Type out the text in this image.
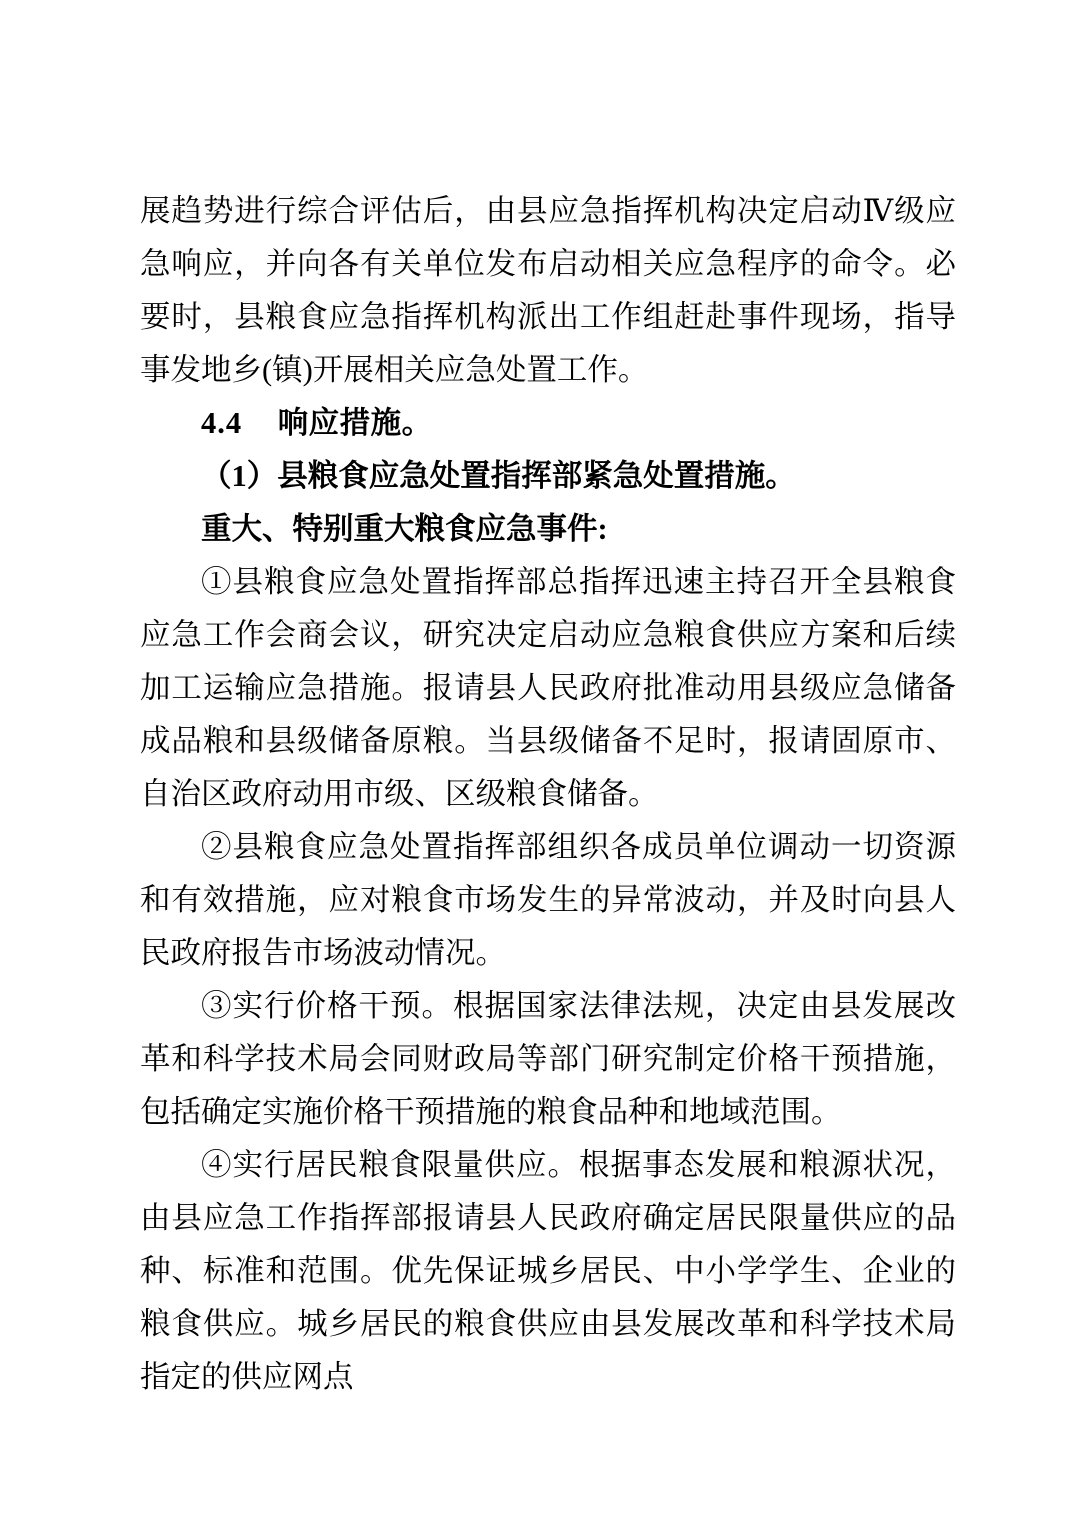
展趋势进行综合评估后，由县应急指挥机构决定启动Ⅳ级应急响应，并向各有关单位发布启动相关应急程序的命令。必要时，县粮食应急指挥机构派出工作组赶赴事件现场，指导事发地乡(镇)开展相关应急处置工作。

4.4 响应措施。

（1）县粮食应急处置指挥部紧急处置措施。

重大、特别重大粮食应急事件:

①县粮食应急处置指挥部总指挥迅速主持召开全县粮食应急工作会商会议，研究决定启动应急粮食供应方案和后续加工运输应急措施。报请县人民政府批准动用县级应急储备成品粮和县级储备原粮。当县级储备不足时，报请固原市、自治区政府动用市级、区级粮食储备。

②县粮食应急处置指挥部组织各成员单位调动一切资源和有效措施，应对粮食市场发生的异常波动，并及时向县人民政府报告市场波动情况。

③实行价格干预。根据国家法律法规，决定由县发展改革和科学技术局会同财政局等部门研究制定价格干预措施，包括确定实施价格干预措施的粮食品种和地域范围。

④实行居民粮食限量供应。根据事态发展和粮源状况，由县应急工作指挥部报请县人民政府确定居民限量供应的品种、标准和范围。优先保证城乡居民、中小学学生、企业的粮食供应。城乡居民的粮食供应由县发展改革和科学技术局指定的供应网点
